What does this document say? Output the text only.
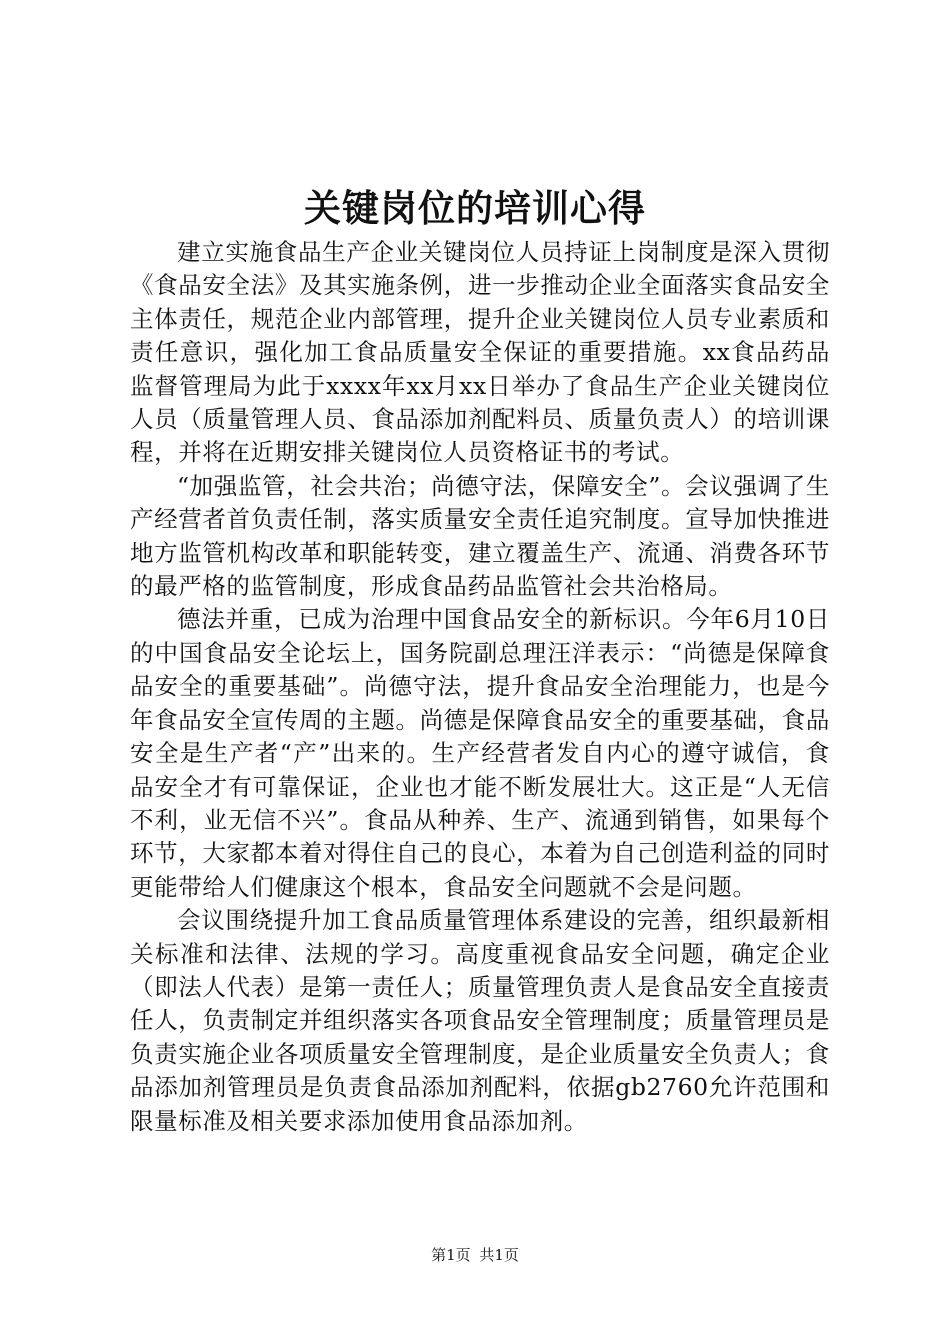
关键岗位的培训心得

建立实施食品生产企业关键岗位人员持证上岗制度是深入贯彻《食品安全法》及其实施条例，进一步推动企业全面落实食品安全主体责任，规范企业内部管理，提升企业关键岗位人员专业素质和责任意识，强化加工食品质量安全保证的重要措施。xx食品药品监督管理局为此于xxxx年xx月xx日举办了食品生产企业关键岗位人员（质量管理人员、食品添加剂配料员、质量负责人）的培训课程，并将在近期安排关键岗位人员资格证书的考试。

“加强监管，社会共治；尚德守法，保障安全”。会议强调了生产经营者首负责任制，落实质量安全责任追究制度。宣导加快推进地方监管机构改革和职能转变，建立覆盖生产、流通、消费各环节的最严格的监管制度，形成食品药品监管社会共治格局。

德法并重，已成为治理中国食品安全的新标识。今年6月10日的中国食品安全论坛上，国务院副总理汪洋表示：“尚德是保障食品安全的重要基础”。尚德守法，提升食品安全治理能力，也是今年食品安全宣传周的主题。尚德是保障食品安全的重要基础，食品安全是生产者“产”出来的。生产经营者发自内心的遵守诚信，食品安全才有可靠保证，企业也才能不断发展壮大。这正是“人无信不利，业无信不兴”。食品从种养、生产、流通到销售，如果每个环节，大家都本着对得住自己的良心，本着为自己创造利益的同时更能带给人们健康这个根本，食品安全问题就不会是问题。

会议围绕提升加工食品质量管理体系建设的完善，组织最新相关标准和法律、法规的学习。高度重视食品安全问题，确定企业（即法人代表）是第一责任人；质量管理负责人是食品安全直接责任人，负责制定并组织落实各项食品安全管理制度；质量管理员是负责实施企业各项质量安全管理制度，是企业质量安全负责人；食品添加剂管理员是负责食品添加剂配料，依据gb2760允许范围和限量标准及相关要求添加使用食品添加剂。

第1页 共1页
